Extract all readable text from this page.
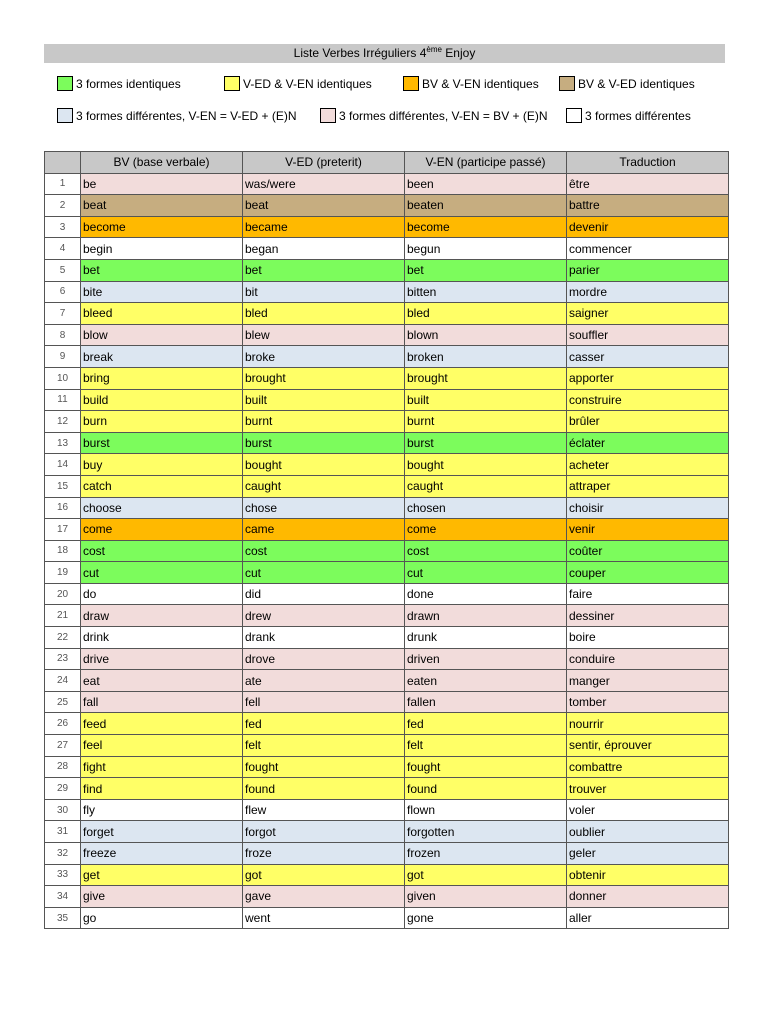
Liste Verbes Irréguliers 4ème Enjoy
3 formes identiques	V-ED & V-EN identiques	BV & V-EN identiques	BV & V-ED identiques
3 formes différentes, V-EN = V-ED + (E)N	3 formes différentes, V-EN = BV + (E)N	3 formes différentes
	BV (base verbale)	V-ED (preterit)	V-EN (participe passé)	Traduction
1	be	was/were	been	être
2	beat	beat	beaten	battre
3	become	became	become	devenir
4	begin	began	begun	commencer
5	bet	bet	bet	parier
6	bite	bit	bitten	mordre
7	bleed	bled	bled	saigner
8	blow	blew	blown	souffler
9	break	broke	broken	casser
10	bring	brought	brought	apporter
11	build	built	built	construire
12	burn	burnt	burnt	brûler
13	burst	burst	burst	éclater
14	buy	bought	bought	acheter
15	catch	caught	caught	attraper
16	choose	chose	chosen	choisir
17	come	came	come	venir
18	cost	cost	cost	coûter
19	cut	cut	cut	couper
20	do	did	done	faire
21	draw	drew	drawn	dessiner
22	drink	drank	drunk	boire
23	drive	drove	driven	conduire
24	eat	ate	eaten	manger
25	fall	fell	fallen	tomber
26	feed	fed	fed	nourrir
27	feel	felt	felt	sentir, éprouver
28	fight	fought	fought	combattre
29	find	found	found	trouver
30	fly	flew	flown	voler
31	forget	forgot	forgotten	oublier
32	freeze	froze	frozen	geler
33	get	got	got	obtenir
34	give	gave	given	donner
35	go	went	gone	aller
